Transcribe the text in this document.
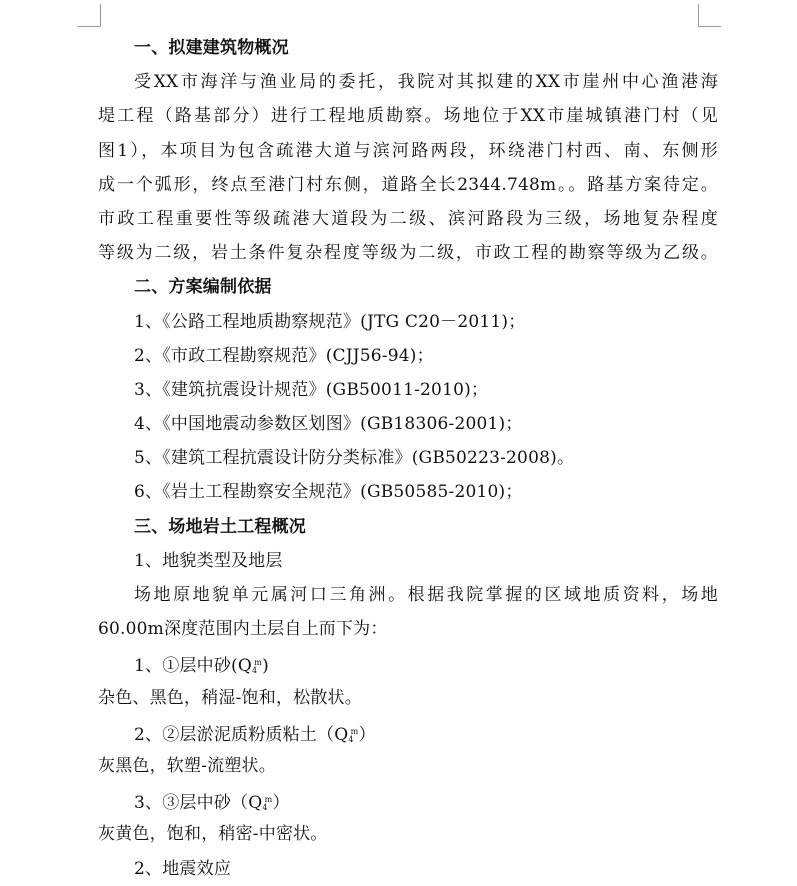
一、拟建建筑物概况
受XX市海洋与渔业局的委托，我院对其拟建的XX市崖州中心渔港海
堤工程（路基部分）进行工程地质勘察。场地位于XX市崖城镇港门村（见
图1），本项目为包含疏港大道与滨河路两段，环绕港门村西、南、东侧形
成一个弧形，终点至港门村东侧，道路全长2344.748m。。路基方案待定。
市政工程重要性等级疏港大道段为二级、滨河路段为三级，场地复杂程度
等级为二级，岩土条件复杂程度等级为二级，市政工程的勘察等级为乙级。
二、方案编制依据
1、《公路工程地质勘察规范》(JTG C20－2011)；
2、《市政工程勘察规范》(CJJ56-94)；
3、《建筑抗震设计规范》(GB50011-2010)；
4、《中国地震动参数区划图》(GB18306-2001)；
5、《建筑工程抗震设计防分类标准》(GB50223-2008)。
6、《岩土工程勘察安全规范》(GB50585-2010)；
三、场地岩土工程概况
1、地貌类型及地层
场地原地貌单元属河口三角洲。根据我院掌握的区域地质资料，场地
60.00m深度范围内土层自上而下为：
1、①层中砂$(Q_4^m)$
杂色、黑色，稍湿-饱和，松散状。
2、②层淤泥质粉质粘土$(Q_4^m)$
灰黑色，软塑-流塑状。
3、③层中砂$(Q_4^m)$
灰黄色，饱和，稍密-中密状。
2、地震效应
